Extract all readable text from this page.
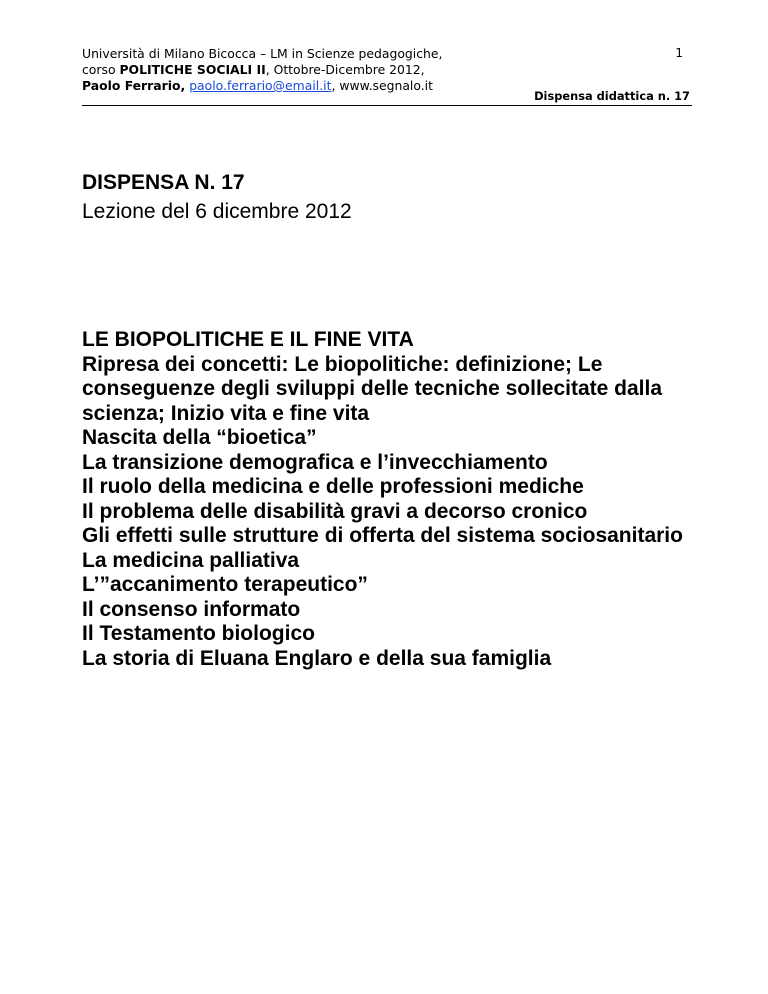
Università di Milano Bicocca – LM in Scienze pedagogiche,
corso POLITICHE SOCIALI II, Ottobre-Dicembre 2012,
Paolo Ferrario, paolo.ferrario@email.it, www.segnalo.it
1
Dispensa didattica n. 17
DISPENSA N. 17
Lezione del 6 dicembre 2012
LE BIOPOLITICHE E IL FINE VITA
Ripresa dei concetti: Le biopolitiche: definizione; Le conseguenze degli sviluppi delle tecniche sollecitate dalla scienza; Inizio vita e fine vita
Nascita della “bioetica”
La transizione demografica e l’invecchiamento
Il ruolo della medicina e delle professioni mediche
Il problema delle disabilità gravi a decorso cronico
Gli effetti sulle strutture di offerta del sistema sociosanitario
La medicina palliativa
L’”accanimento terapeutico”
Il consenso informato
Il Testamento biologico
La storia di Eluana Englaro e della sua famiglia
